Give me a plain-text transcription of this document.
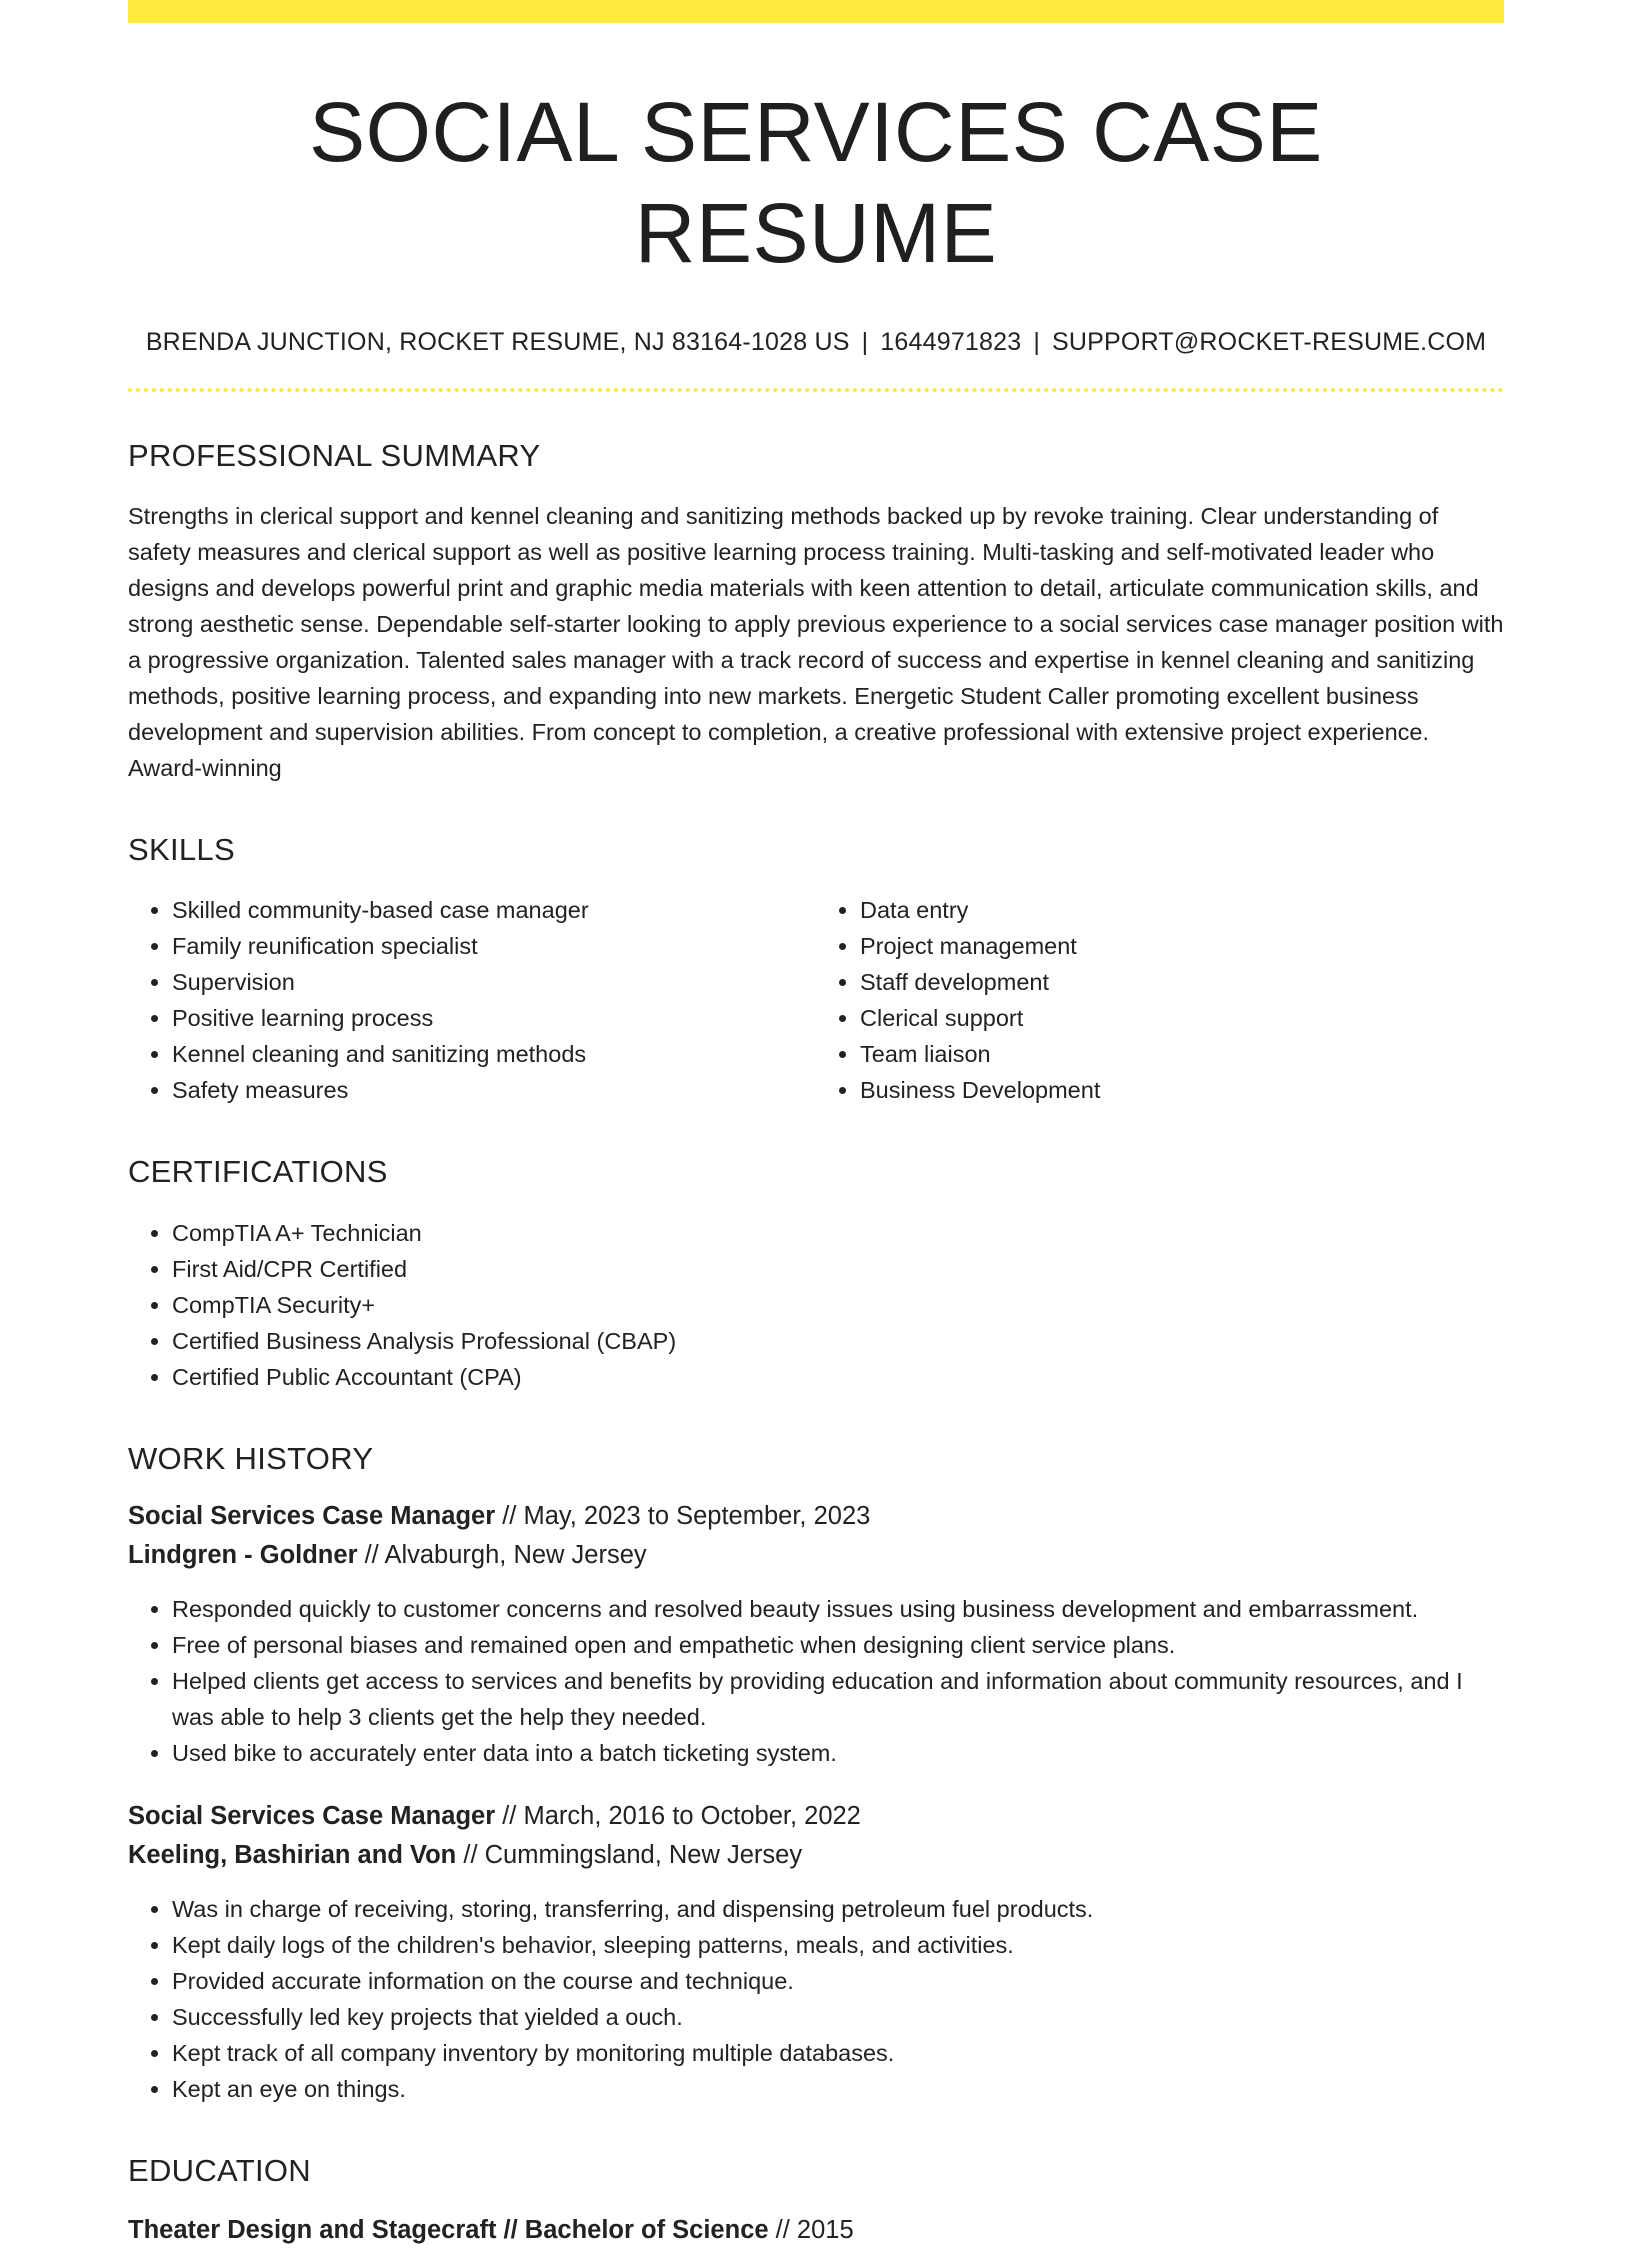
SOCIAL SERVICES CASE RESUME
BRENDA JUNCTION, ROCKET RESUME, NJ 83164-1028 US | 1644971823 | SUPPORT@ROCKET-RESUME.COM
PROFESSIONAL SUMMARY
Strengths in clerical support and kennel cleaning and sanitizing methods backed up by revoke training. Clear understanding of safety measures and clerical support as well as positive learning process training. Multi-tasking and self-motivated leader who designs and develops powerful print and graphic media materials with keen attention to detail, articulate communication skills, and strong aesthetic sense. Dependable self-starter looking to apply previous experience to a social services case manager position with a progressive organization. Talented sales manager with a track record of success and expertise in kennel cleaning and sanitizing methods, positive learning process, and expanding into new markets. Energetic Student Caller promoting excellent business development and supervision abilities. From concept to completion, a creative professional with extensive project experience. Award-winning
SKILLS
• Skilled community-based case manager
• Family reunification specialist
• Supervision
• Positive learning process
• Kennel cleaning and sanitizing methods
• Safety measures
• Data entry
• Project management
• Staff development
• Clerical support
• Team liaison
• Business Development
CERTIFICATIONS
• CompTIA A+ Technician
• First Aid/CPR Certified
• CompTIA Security+
• Certified Business Analysis Professional (CBAP)
• Certified Public Accountant (CPA)
WORK HISTORY
Social Services Case Manager // May, 2023 to September, 2023
Lindgren - Goldner // Alvaburgh, New Jersey
• Responded quickly to customer concerns and resolved beauty issues using business development and embarrassment.
• Free of personal biases and remained open and empathetic when designing client service plans.
• Helped clients get access to services and benefits by providing education and information about community resources, and I was able to help 3 clients get the help they needed.
• Used bike to accurately enter data into a batch ticketing system.
Social Services Case Manager // March, 2016 to October, 2022
Keeling, Bashirian and Von // Cummingsland, New Jersey
• Was in charge of receiving, storing, transferring, and dispensing petroleum fuel products.
• Kept daily logs of the children's behavior, sleeping patterns, meals, and activities.
• Provided accurate information on the course and technique.
• Successfully led key projects that yielded a ouch.
• Kept track of all company inventory by monitoring multiple databases.
• Kept an eye on things.
EDUCATION
Theater Design and Stagecraft // Bachelor of Science // 2015
